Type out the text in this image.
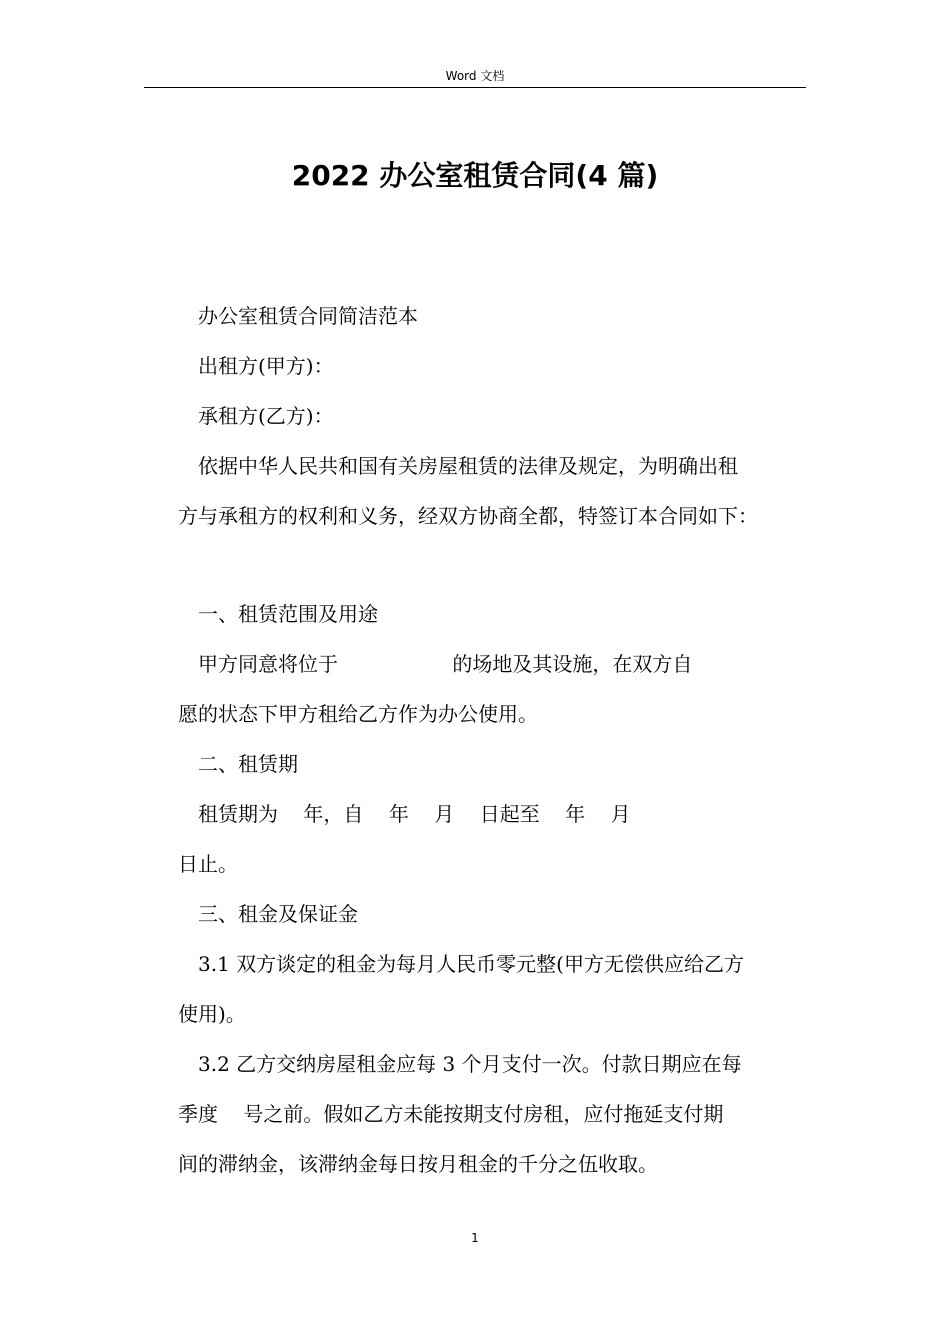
Word 文档
2022 办公室租赁合同(4 篇)
办公室租赁合同简洁范本
出租方(甲方)：
承租方(乙方)：
依据中华人民共和国有关房屋租赁的法律及规定，为明确出租
方与承租方的权利和义务，经双方协商全都，特签订本合同如下：
一、租赁范围及用途
甲方同意将位于                  的场地及其设施，在双方自
愿的状态下甲方租给乙方作为办公使用。
二、租赁期
租赁期为    年，自    年    月    日起至    年    月
日止。
三、租金及保证金
3.1 双方谈定的租金为每月人民币零元整(甲方无偿供应给乙方
使用)。
3.2 乙方交纳房屋租金应每 3 个月支付一次。付款日期应在每
季度    号之前。假如乙方未能按期支付房租，应付拖延支付期
间的滞纳金，该滞纳金每日按月租金的千分之伍收取。
1
